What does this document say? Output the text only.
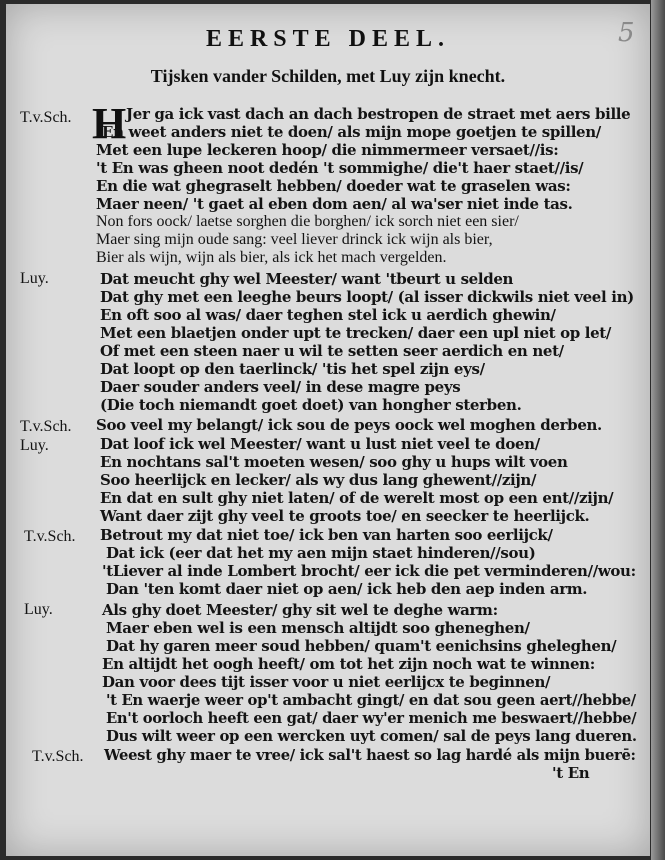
5
EERSTE DEEL.
Tijsken vander Schilden, met Luy zijn knecht.
H
T.v.Sch.
Luy.
T.v.Sch.
Luy.
T.v.Sch.
Luy.
T.v.Sch.
Jer ga ick vast dach an dach bestropen de straet met aers bille
En weet anders niet te doen/ als mijn mope goetjen te spillen/
Met een lupe leckeren hoop/ die nimmermeer versaet//is:
't En was gheen noot dedén 't sommighe/ die't haer staet//is/
En die wat ghegraselt hebben/ doeder wat te graselen was:
Maer neen/ 't gaet al eben dom aen/ al wa'ser niet inde tas.
Non fors oock/ laetse sorghen die borghen/ ick sorch niet een sier/
Maer sing mijn oude sang: veel liever drinck ick wijn als bier,
Bier als wijn, wijn als bier, als ick het mach vergelden.
Dat meucht ghy wel Meester/ want 'tbeurt u selden
Dat ghy met een leeghe beurs loopt/ (al isser dickwils niet veel in)
En oft soo al was/ daer teghen stel ick u aerdich ghewin/
Met een blaetjen onder upt te trecken/ daer een upl niet op let/
Of met een steen naer u wil te setten seer aerdich en net/
Dat loopt op den taerlinck/ 'tis het spel zijn eys/
Daer souder anders veel/ in dese magre peys
(Die toch niemandt goet doet) van hongher sterben.
Soo veel my belangt/ ick sou de peys oock wel moghen derben.
Dat loof ick wel Meester/ want u lust niet veel te doen/
En nochtans sal't moeten wesen/ soo ghy u hups wilt voen
Soo heerlijck en lecker/ als wy dus lang ghewent//zijn/
En dat en sult ghy niet laten/ of de werelt most op een ent//zijn/
Want daer zijt ghy veel te groots toe/ en seecker te heerlijck.
Betrout my dat niet toe/ ick ben van harten soo eerlijck/
Dat ick (eer dat het my aen mijn staet hinderen//sou)
'tLiever al inde Lombert brocht/ eer ick die pet verminderen//wou:
Dan 'ten komt daer niet op aen/ ick heb den aep inden arm.
Als ghy doet Meester/ ghy sit wel te deghe warm:
Maer eben wel is een mensch altijdt soo gheneghen/
Dat hy garen meer soud hebben/ quam't eenichsins gheleghen/
En altijdt het oogh heeft/ om tot het zijn noch wat te winnen:
Dan voor dees tijt isser voor u niet eerlijcx te beginnen/
't En waerje weer op't ambacht gingt/ en dat sou geen aert//hebbe/
En't oorloch heeft een gat/ daer wy'er menich me beswaert//hebbe/
Dus wilt weer op een wercken uyt comen/ sal de peys lang dueren.
Weest ghy maer te vree/ ick sal't haest so lag hardé als mijn buerē:
't En
